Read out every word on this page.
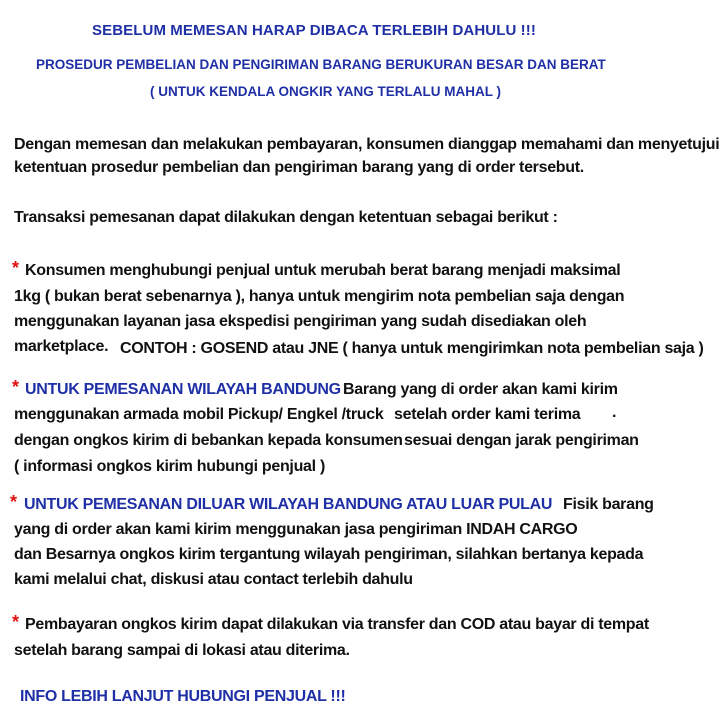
SEBELUM MEMESAN HARAP DIBACA TERLEBIH DAHULU !!!
PROSEDUR PEMBELIAN DAN PENGIRIMAN BARANG BERUKURAN BESAR DAN BERAT
( UNTUK KENDALA ONGKIR YANG TERLALU MAHAL )
Dengan memesan dan melakukan pembayaran, konsumen dianggap memahami dan menyetujui
ketentuan prosedur pembelian dan pengiriman barang yang di order tersebut.
Transaksi pemesanan dapat dilakukan dengan ketentuan sebagai berikut :
* Konsumen menghubungi penjual untuk merubah berat barang menjadi maksimal
1kg ( bukan berat sebenarnya ), hanya untuk mengirim nota pembelian saja dengan
menggunakan layanan jasa ekspedisi pengiriman yang sudah disediakan oleh
marketplace. CONTOH : GOSEND atau JNE ( hanya untuk mengirimkan nota pembelian saja )
* UNTUK PEMESANAN WILAYAH BANDUNG Barang yang di order akan kami kirim
menggunakan armada mobil Pickup/ Engkel /truck setelah order kami terima .
dengan ongkos kirim di bebankan kepada konsumen sesuai dengan jarak pengiriman
( informasi ongkos kirim hubungi penjual )
* UNTUK PEMESANAN DILUAR WILAYAH BANDUNG ATAU LUAR PULAU Fisik barang
yang di order akan kami kirim menggunakan jasa pengiriman INDAH CARGO
dan Besarnya ongkos kirim tergantung wilayah pengiriman, silahkan bertanya kepada
kami melalui chat, diskusi atau contact terlebih dahulu
* Pembayaran ongkos kirim dapat dilakukan via transfer dan COD atau bayar di tempat
setelah barang sampai di lokasi atau diterima.
INFO LEBIH LANJUT HUBUNGI PENJUAL !!!
